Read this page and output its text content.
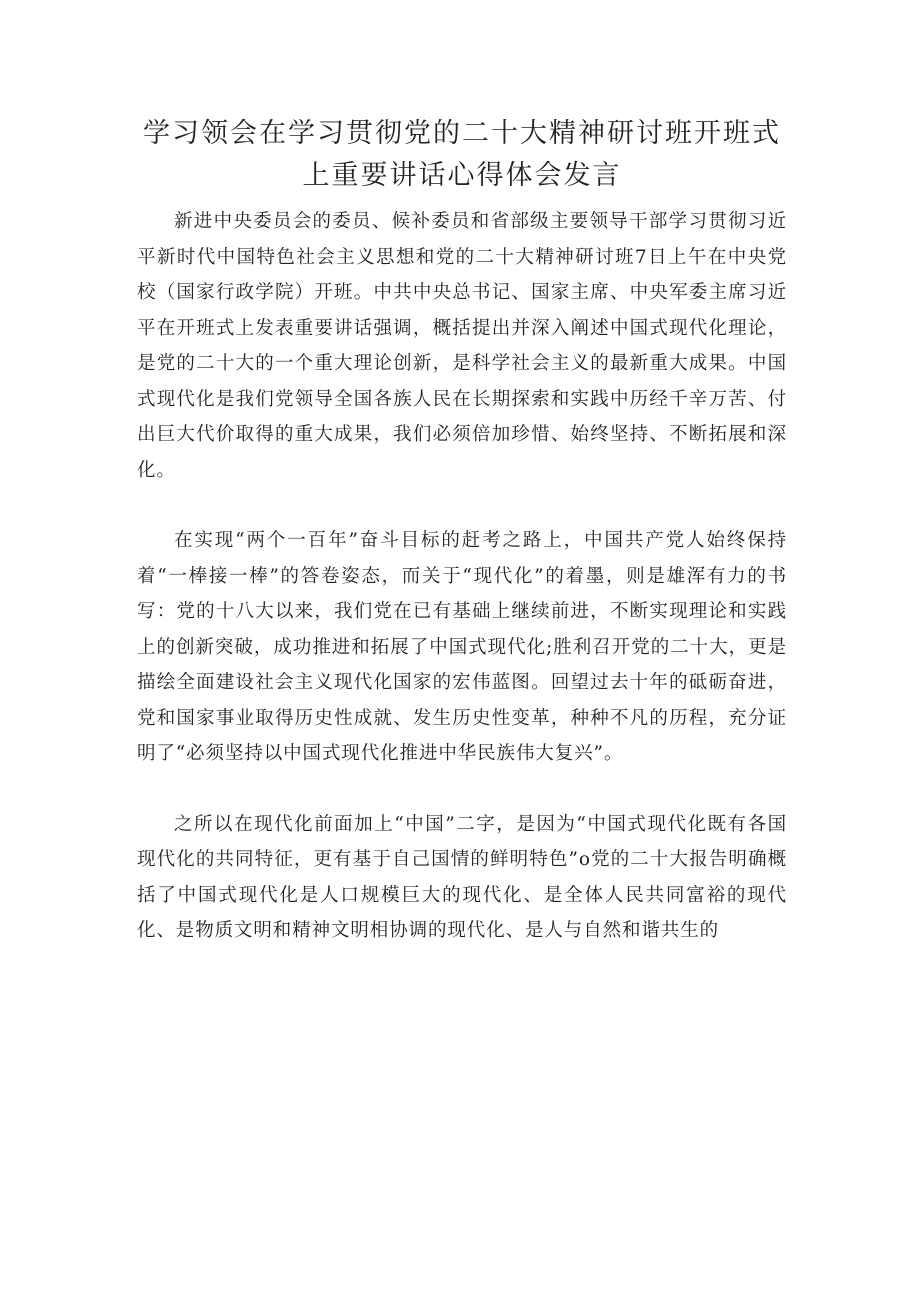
学习领会在学习贯彻党的二十大精神研讨班开班式
上重要讲话心得体会发言

新进中央委员会的委员、候补委员和省部级主要领导干部学习贯彻习近平新时代中国特色社会主义思想和党的二十大精神研讨班7日上午在中央党校（国家行政学院）开班。中共中央总书记、国家主席、中央军委主席习近平在开班式上发表重要讲话强调，概括提出并深入阐述中国式现代化理论，是党的二十大的一个重大理论创新，是科学社会主义的最新重大成果。中国式现代化是我们党领导全国各族人民在长期探索和实践中历经千辛万苦、付出巨大代价取得的重大成果，我们必须倍加珍惜、始终坚持、不断拓展和深化。

在实现“两个一百年”奋斗目标的赶考之路上，中国共产党人始终保持着“一棒接一棒”的答卷姿态，而关于“现代化”的着墨，则是雄浑有力的书写：党的十八大以来，我们党在已有基础上继续前进，不断实现理论和实践上的创新突破，成功推进和拓展了中国式现代化;胜利召开党的二十大，更是描绘全面建设社会主义现代化国家的宏伟蓝图。回望过去十年的砥砺奋进，党和国家事业取得历史性成就、发生历史性变革，种种不凡的历程，充分证明了“必须坚持以中国式现代化推进中华民族伟大复兴”。

之所以在现代化前面加上“中国”二字，是因为“中国式现代化既有各国现代化的共同特征，更有基于自己国情的鲜明特色”o党的二十大报告明确概括了中国式现代化是人口规模巨大的现代化、是全体人民共同富裕的现代化、是物质文明和精神文明相协调的现代化、是人与自然和谐共生的
